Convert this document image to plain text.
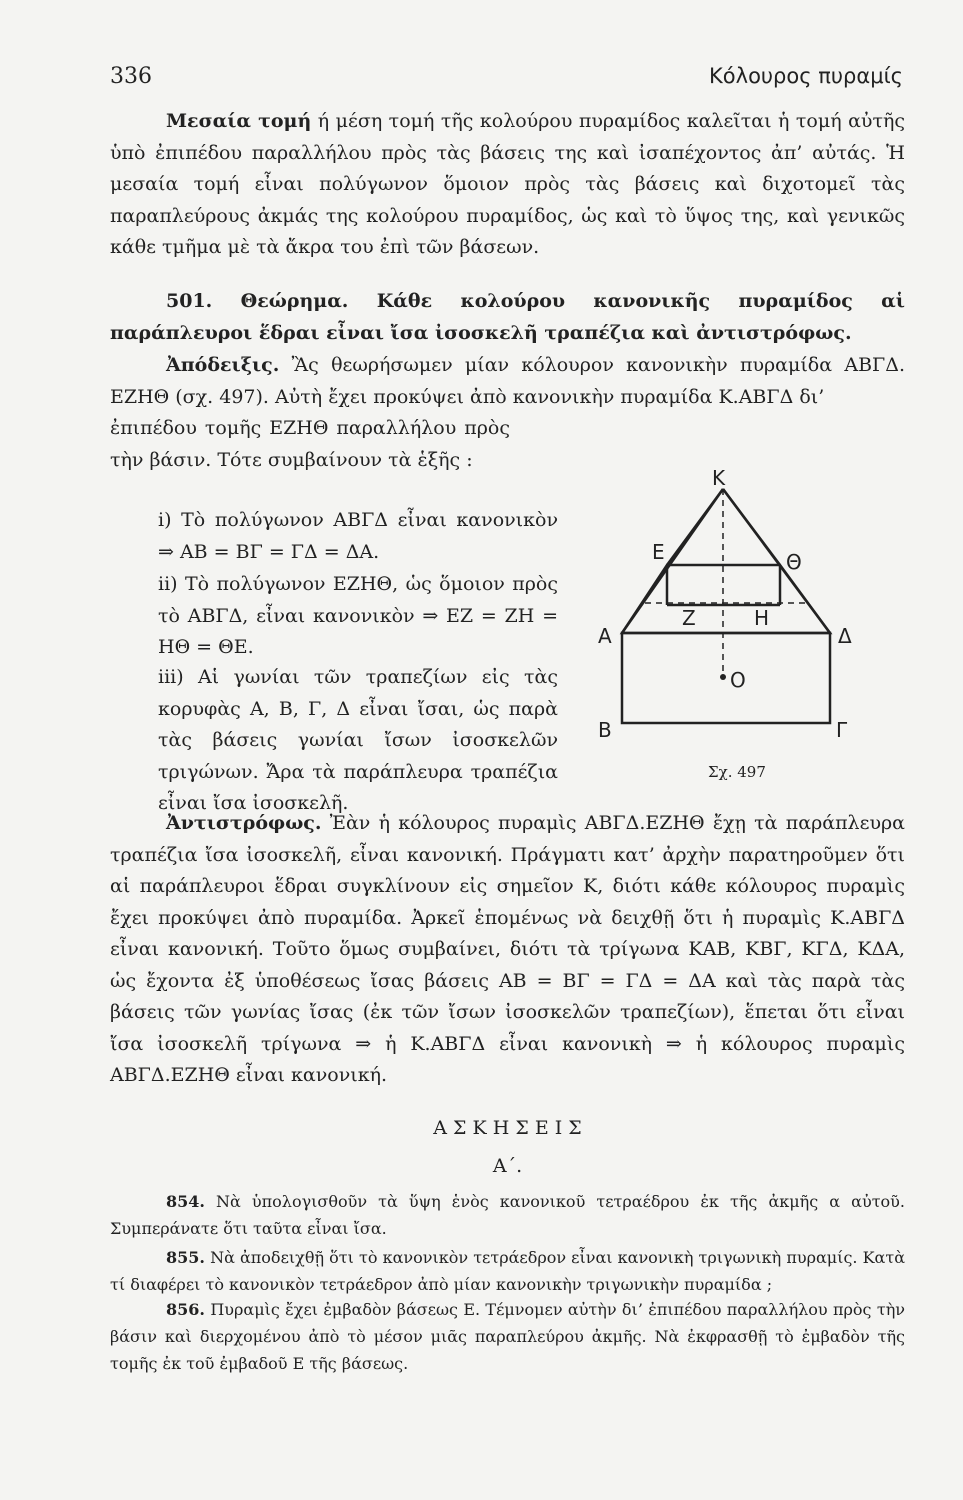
336	Κόλουρος πυραμίς

Μεσαία τομή ή μέση τομή τῆς κολούρου πυραμίδος καλεῖται ἡ τομή αὐτῆς ὑπὸ ἐπιπέδου παραλλήλου πρὸς τὰς βάσεις της καὶ ἰσαπέχοντος ἀπ’ αὐτάς. Ἡ μεσαία τομή εἶναι πολύγωνον ὅμοιον πρὸς τὰς βάσεις καὶ διχοτομεῖ τὰς παραπλεύρους ἀκμάς της κολούρου πυραμίδος, ὡς καὶ τὸ ὕψος της, καὶ γενικῶς κάθε τμῆμα μὲ τὰ ἄκρα του ἐπὶ τῶν βάσεων.

501. Θεώρημα. Κάθε κολούρου κανονικῆς πυραμίδος αἱ παράπλευροι ἕδραι εἶναι ἴσα ἰσοσκελῆ τραπέζια καὶ ἀντιστρόφως.

Ἀπόδειξις. Ἂς θεωρήσωμεν μίαν κόλουρον κανονικὴν πυραμίδα ΑΒΓΔ. ΕΖΗΘ (σχ. 497). Αὐτὴ ἔχει προκύψει ἀπὸ κανονικὴν πυραμίδα Κ.ΑΒΓΔ δι’

ἐπιπέδου τομῆς ΕΖΗΘ παραλλήλου πρὸς τὴν βάσιν. Τότε συμβαίνουν τὰ ἑξῆς :

i) Τὸ πολύγωνον ΑΒΓΔ εἶναι κανονικὸν ⇒ ΑΒ = ΒΓ = ΓΔ = ΔΑ.

ii) Τὸ πολύγωνον ΕΖΗΘ, ὡς ὅμοιον πρὸς τὸ ΑΒΓΔ, εἶναι κανονικὸν ⇒ ΕΖ = ΖΗ = ΗΘ = ΘΕ.

iii) Αἱ γωνίαι τῶν τραπεζίων εἰς τὰς κορυφὰς Α, Β, Γ, Δ εἶναι ἴσαι, ὡς παρὰ τὰς βάσεις γωνίαι ἴσων ἰσοσκελῶν τριγώνων. Ἄρα τὰ παράπλευρα τραπέζια εἶναι ἴσα ἰσοσκελῆ.

Κ
Ε	Θ
Ζ	Η
Α	Δ
Ο
Β	Γ
Σχ. 497

Ἀντιστρόφως. Ἐὰν ἡ κόλουρος πυραμὶς ΑΒΓΔ.ΕΖΗΘ ἔχῃ τὰ παράπλευρα τραπέζια ἴσα ἰσοσκελῆ, εἶναι κανονική. Πράγματι κατ’ ἀρχὴν παρατηροῦμεν ὅτι αἱ παράπλευροι ἕδραι συγκλίνουν εἰς σημεῖον Κ, διότι κάθε κόλουρος πυραμὶς ἔχει προκύψει ἀπὸ πυραμίδα. Ἀρκεῖ ἑπομένως νὰ δειχθῇ ὅτι ἡ πυραμὶς Κ.ΑΒΓΔ εἶναι κανονική. Τοῦτο ὅμως συμβαίνει, διότι τὰ τρίγωνα ΚΑΒ, ΚΒΓ, ΚΓΔ, ΚΔΑ, ὡς ἔχοντα ἐξ ὑποθέσεως ἴσας βάσεις ΑΒ = ΒΓ = ΓΔ = ΔΑ καὶ τὰς παρὰ τὰς βάσεις τῶν γωνίας ἴσας (ἐκ τῶν ἴσων ἰσοσκελῶν τραπεζίων), ἕπεται ὅτι εἶναι ἴσα ἰσοσκελῆ τρίγωνα ⇒ ἡ Κ.ΑΒΓΔ εἶναι κανονικὴ ⇒ ἡ κόλουρος πυραμὶς ΑΒΓΔ.ΕΖΗΘ εἶναι κανονική.

Α Σ Κ Η Σ Ε Ι Σ
Α΄.

854. Νὰ ὑπολογισθοῦν τὰ ὕψη ἑνὸς κανονικοῦ τετραέδρου ἐκ τῆς ἀκμῆς α αὐτοῦ. Συμπεράνατε ὅτι ταῦτα εἶναι ἴσα.

855. Νὰ ἀποδειχθῇ ὅτι τὸ κανονικὸν τετράεδρον εἶναι κανονικὴ τριγωνικὴ πυραμίς. Κατὰ τί διαφέρει τὸ κανονικὸν τετράεδρον ἀπὸ μίαν κανονικὴν τριγωνικὴν πυραμίδα ;

856. Πυραμὶς ἔχει ἐμβαδὸν βάσεως Ε. Τέμνομεν αὐτὴν δι’ ἐπιπέδου παραλλήλου πρὸς τὴν βάσιν καὶ διερχομένου ἀπὸ τὸ μέσον μιᾶς παραπλεύρου ἀκμῆς. Νὰ ἐκφρασθῇ τὸ ἐμβαδὸν τῆς τομῆς ἐκ τοῦ ἐμβαδοῦ Ε τῆς βάσεως.
